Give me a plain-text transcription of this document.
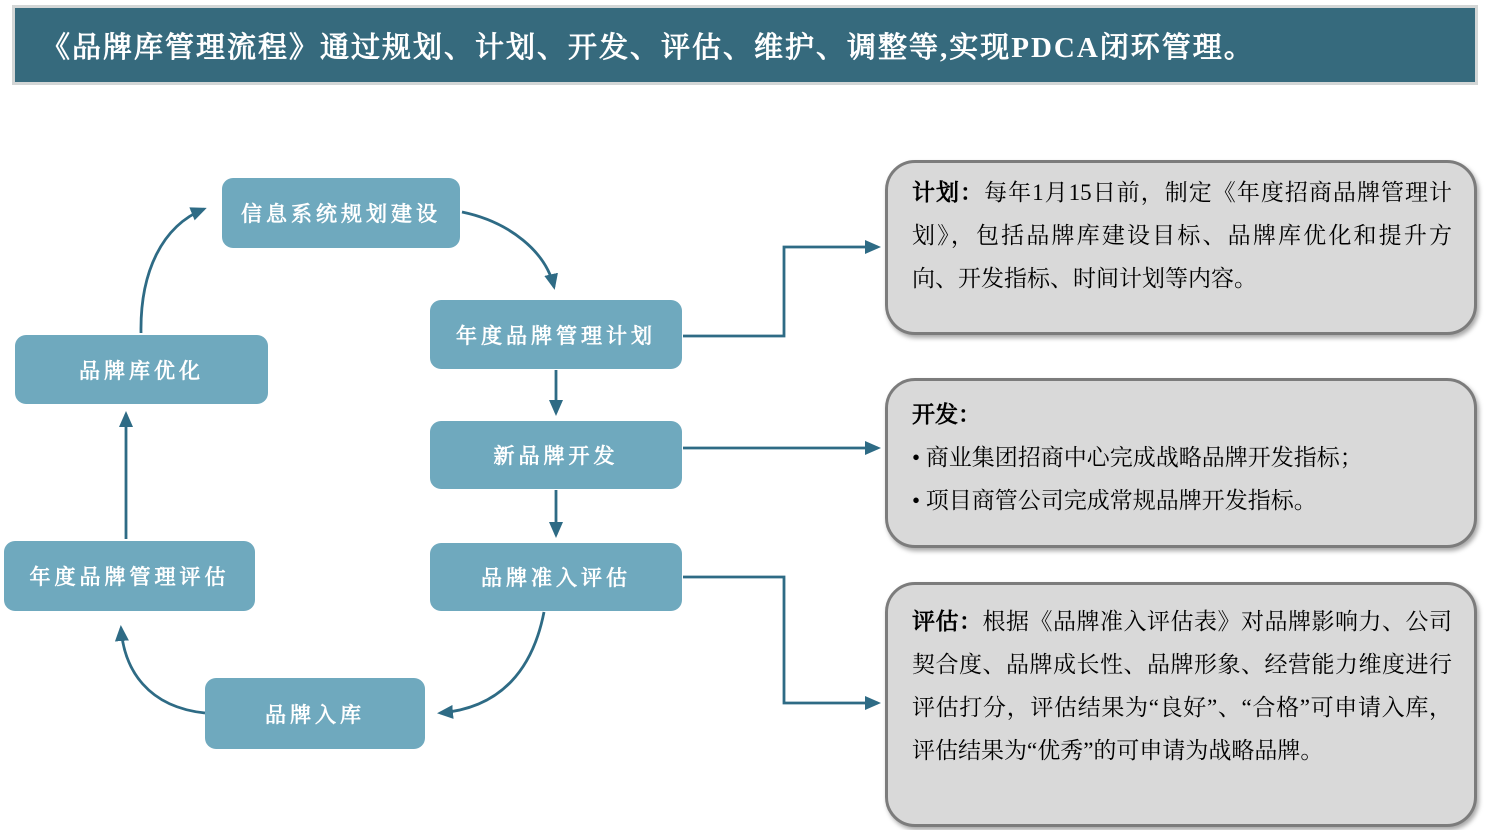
《品牌库管理流程》通过规划、计划、开发、评估、维护、调整等,实现PDCA闭环管理。
信息系统规划建设
年度品牌管理计划
新品牌开发
品牌准入评估
品牌入库
年度品牌管理评估
品牌库优化
计划：每年1月15日前，制定《年度招商品牌管理计划》，包括品牌库建设目标、品牌库优化和提升方向、开发指标、时间计划等内容。
开发：
• 商业集团招商中心完成战略品牌开发指标；
• 项目商管公司完成常规品牌开发指标。
评估：根据《品牌准入评估表》对品牌影响力、公司契合度、品牌成长性、品牌形象、经营能力维度进行评估打分，评估结果为“良好”、“合格”可申请入库，评估结果为“优秀”的可申请为战略品牌。
